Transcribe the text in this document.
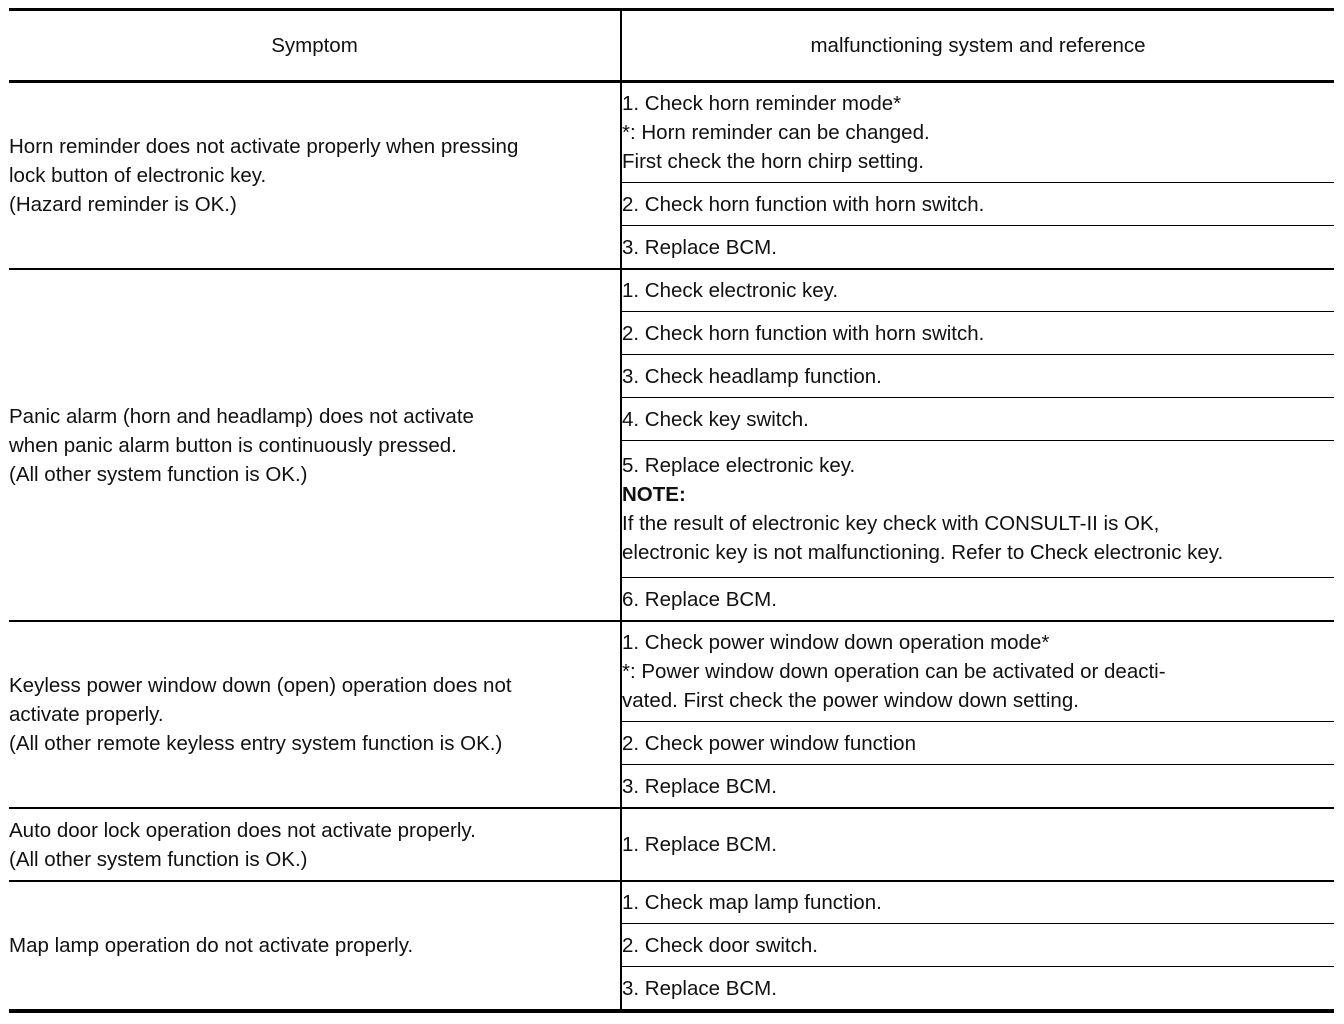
Symptom	malfunctioning system and reference

Horn reminder does not activate properly when pressing
lock button of electronic key.
(Hazard reminder is OK.)	1. Check horn reminder mode*
*: Horn reminder can be changed.
First check the horn chirp setting.

	2. Check horn function with horn switch.

	3. Replace BCM.

Panic alarm (horn and headlamp) does not activate
when panic alarm button is continuously pressed.
(All other system function is OK.)	1. Check electronic key.

	2. Check horn function with horn switch.

	3. Check headlamp function.

	4. Check key switch.

	5. Replace electronic key.
NOTE:
If the result of electronic key check with CONSULT-II is OK,
electronic key is not malfunctioning. Refer to Check electronic key.

	6. Replace BCM.

Keyless power window down (open) operation does not
activate properly.
(All other remote keyless entry system function is OK.)	1. Check power window down operation mode*
*: Power window down operation can be activated or deacti-
vated. First check the power window down setting.

	2. Check power window function

	3. Replace BCM.

Auto door lock operation does not activate properly.
(All other system function is OK.)	1. Replace BCM.

Map lamp operation do not activate properly.	1. Check map lamp function.

	2. Check door switch.

	3. Replace BCM.
